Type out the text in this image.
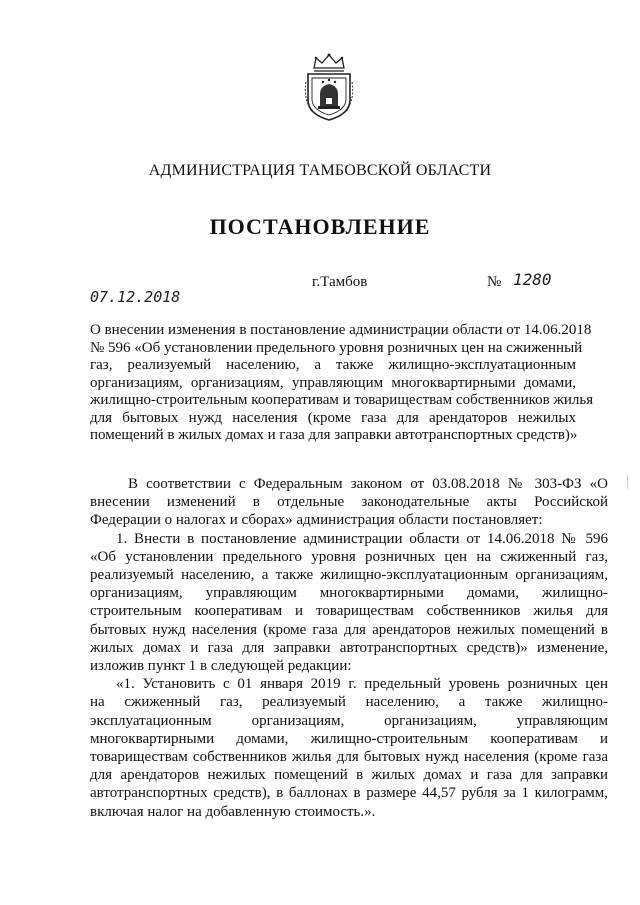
АДМИНИСТРАЦИЯ ТАМБОВСКОЙ ОБЛАСТИ
ПОСТАНОВЛЕНИЕ
07.12.2018
г.Тамбов	№ 1280
О внесении изменения в постановление администрации области от 14.06.2018
№ 596 «Об установлении предельного уровня розничных цен на сжиженный
газ, реализуемый населению, а также жилищно-эксплуатационным
организациям, организациям, управляющим многоквартирными домами,
жилищно-строительным кооперативам и товариществам собственников жилья
для бытовых нужд населения (кроме газа для арендаторов нежилых
помещений в жилых домах и газа для заправки автотранспортных средств)»
В соответствии с Федеральным законом от 03.08.2018 № 303-ФЗ «О
внесении изменений в отдельные законодательные акты Российской
Федерации о налогах и сборах» администрация области постановляет:
1. Внести в постановление администрации области от 14.06.2018 № 596
«Об установлении предельного уровня розничных цен на сжиженный газ,
реализуемый населению, а также жилищно-эксплуатационным организациям,
организациям, управляющим многоквартирными домами, жилищно-
строительным кооперативам и товариществам собственников жилья для
бытовых нужд населения (кроме газа для арендаторов нежилых помещений в
жилых домах и газа для заправки автотранспортных средств)» изменение,
изложив пункт 1 в следующей редакции:
«1. Установить с 01 января 2019 г. предельный уровень розничных цен
на сжиженный газ, реализуемый населению, а также жилищно-
эксплуатационным организациям, организациям, управляющим
многоквартирными домами, жилищно-строительным кооперативам и
товариществам собственников жилья для бытовых нужд населения (кроме газа
для арендаторов нежилых помещений в жилых домах и газа для заправки
автотранспортных средств), в баллонах в размере 44,57 рубля за 1 килограмм,
включая налог на добавленную стоимость.».
